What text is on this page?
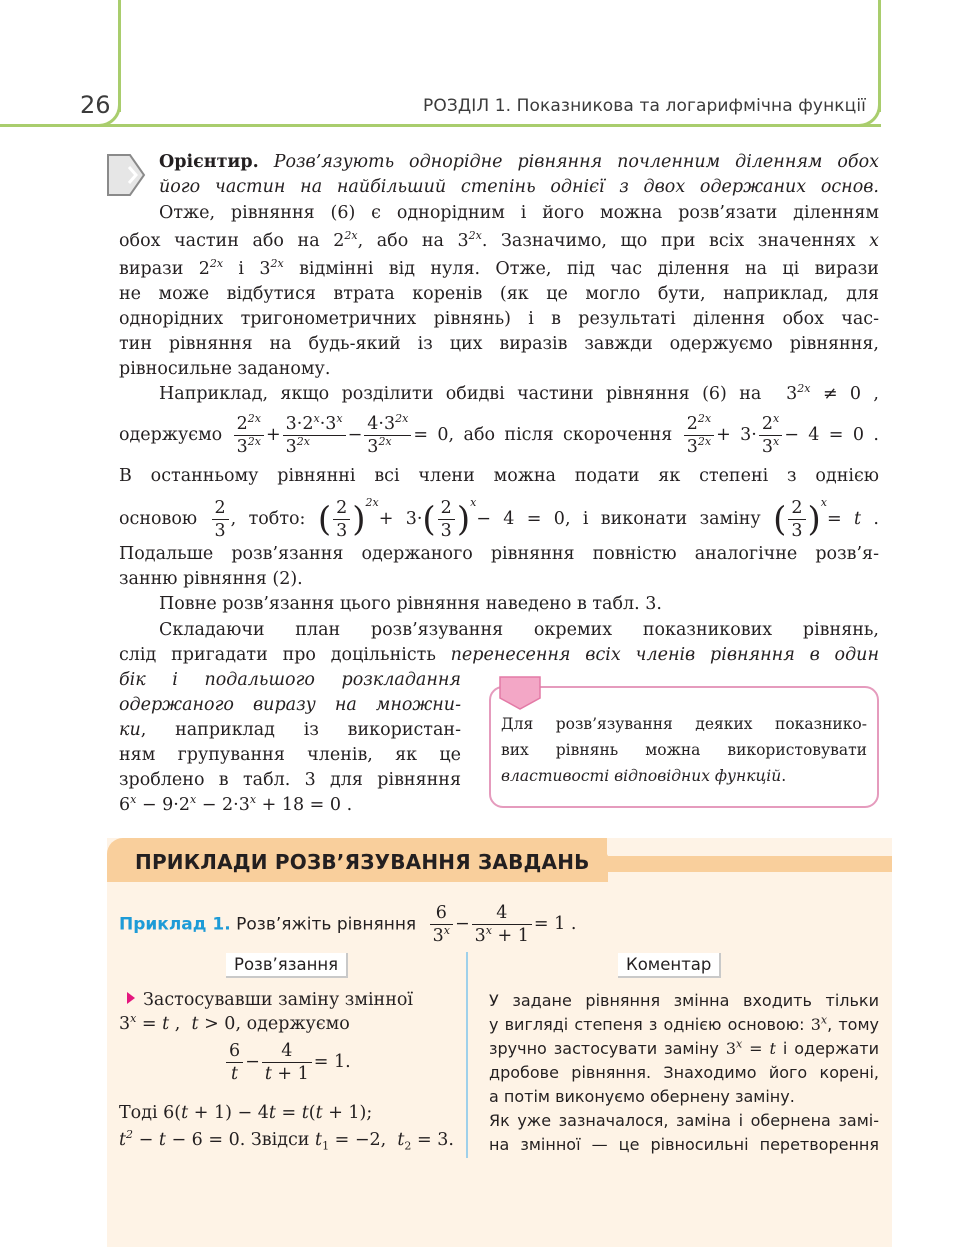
26	РОЗДІЛ 1. Показникова та логарифмічна функції
Орієнтир. Розв’язують однорідне рівняння почленним діленням обох
його частин на найбільший степінь однієї з двох одержаних основ.
Отже, рівняння (6) є однорідним і його можна розв’язати діленням
обох частин або на $2^{2x}$, або на $3^{2x}$. Зазначимо, що при всіх значеннях x
вирази $2^{2x}$ і $3^{2x}$ відмінні від нуля. Отже, під час ділення на ці вирази
не може відбутися втрата коренів (як це могло бути, наприклад, для
однорідних тригонометричних рівнянь) і в результаті ділення обох час-
тин рівняння на будь-який із цих виразів завжди одержуємо рівняння,
рівносильне заданому.
Наприклад, якщо розділити обидві частини рівняння (6) на  $3^{2x} \ne 0$ ,
одержуємо $\frac{2^{2x}}{3^{2x}} + \frac{3\cdot 2^x\cdot 3^x}{3^{2x}} - \frac{4\cdot 3^{2x}}{3^{2x}} = 0$, або після скорочення $\frac{2^{2x}}{3^{2x}} + 3\cdot \frac{2^x}{3^x} - 4 = 0$ .
В останньому рівнянні всі члени можна подати як степені з однією
основою $\frac{2}{3}$ , тобто: ( $\frac{2}{3} )^{2x}+ 3\cdot( \frac{2}{3} )^x- 4 = 0$, і виконати заміну ( $\frac{2}{3} )^x= t$ .
Подальше розв’язання одержаного рівняння повністю аналогічне розв’я-
занню рівняння (2).
Повне розв’язання цього рівняння наведено в табл. 3.
Складаючи план розв’язування окремих показникових рівнянь,
слід пригадати про доцільність перенесення всіх членів рівняння в один
бік і подальшого розкладання
одержаного виразу на множни-
ки, наприклад із використан-
ням групування членів, як це
зроблено в табл. 3 для рівняння
$6^x - 9\cdot 2^x - 2\cdot 3^x + 18 = 0$ .
Для розв’язування деяких показнико-
вих рівнянь можна використовувати
властивості відповідних функцій.
ПРИКЛАДИ РОЗВ’ЯЗУВАННЯ ЗАВДАНЬ
Приклад 1. Розв’яжіть рівняння $\frac{6}{3^x} - \frac{4}{3^x + 1} = 1$ .
Розв’язання	Коментар
Застосувавши заміну змінної
$3^x = t$ ,  t > 0, одержуємо
$\frac{6}{t} - \frac{4}{t + 1} = 1$.
Тоді 6(t + 1) − 4t = t(t + 1);
$t^2 - t - 6 = 0$. Звідси $t_1 = -2$,  $t_2 = 3$.
У задане рівняння змінна входить тільки
у вигляді степеня з однією основою: 3$^x$, тому
зручно застосувати заміну $3^x = t$ і одержати
дробове рівняння. Знаходимо його корені,
а потім виконуємо обернену заміну.
Як уже зазначалося, заміна і обернена замі-
на змінної — це рівносильні перетворення
